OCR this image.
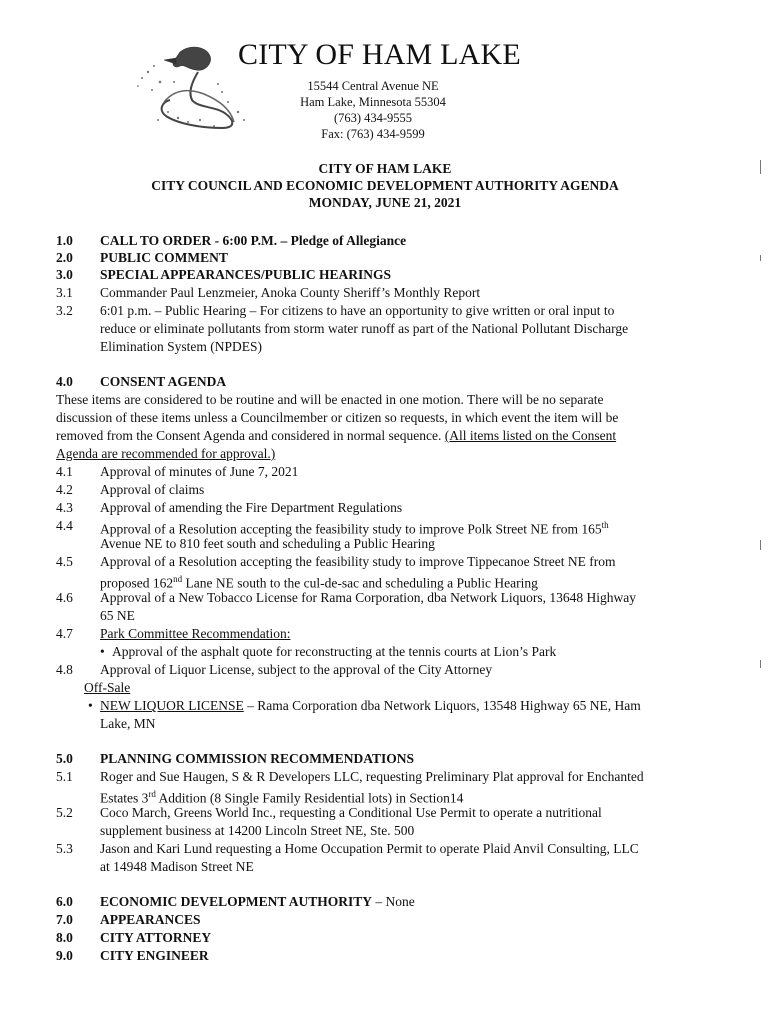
CITY OF HAM LAKE
15544 Central Avenue NE
Ham Lake, Minnesota 55304
(763) 434-9555
Fax: (763) 434-9599
CITY OF HAM LAKE
CITY COUNCIL AND ECONOMIC DEVELOPMENT AUTHORITY AGENDA
MONDAY, JUNE 21, 2021
1.0 CALL TO ORDER - 6:00 P.M. – Pledge of Allegiance
2.0 PUBLIC COMMENT
3.0 SPECIAL APPEARANCES/PUBLIC HEARINGS
3.1 Commander Paul Lenzmeier, Anoka County Sheriff’s Monthly Report
3.2 6:01 p.m. – Public Hearing – For citizens to have an opportunity to give written or oral input to
reduce or eliminate pollutants from storm water runoff as part of the National Pollutant Discharge
Elimination System (NPDES)
4.0 CONSENT AGENDA
These items are considered to be routine and will be enacted in one motion. There will be no separate
discussion of these items unless a Councilmember or citizen so requests, in which event the item will be
removed from the Consent Agenda and considered in normal sequence. (All items listed on the Consent
Agenda are recommended for approval.)
4.1 Approval of minutes of June 7, 2021
4.2 Approval of claims
4.3 Approval of amending the Fire Department Regulations
4.4 Approval of a Resolution accepting the feasibility study to improve Polk Street NE from 165th
Avenue NE to 810 feet south and scheduling a Public Hearing
4.5 Approval of a Resolution accepting the feasibility study to improve Tippecanoe Street NE from
proposed 162nd Lane NE south to the cul-de-sac and scheduling a Public Hearing
4.6 Approval of a New Tobacco License for Rama Corporation, dba Network Liquors, 13648 Highway
65 NE
4.7 Park Committee Recommendation:
• Approval of the asphalt quote for reconstructing at the tennis courts at Lion’s Park
4.8 Approval of Liquor License, subject to the approval of the City Attorney
Off-Sale
• NEW LIQUOR LICENSE – Rama Corporation dba Network Liquors, 13548 Highway 65 NE, Ham
Lake, MN
5.0 PLANNING COMMISSION RECOMMENDATIONS
5.1 Roger and Sue Haugen, S & R Developers LLC, requesting Preliminary Plat approval for Enchanted
Estates 3rd Addition (8 Single Family Residential lots) in Section14
5.2 Coco March, Greens World Inc., requesting a Conditional Use Permit to operate a nutritional
supplement business at 14200 Lincoln Street NE, Ste. 500
5.3 Jason and Kari Lund requesting a Home Occupation Permit to operate Plaid Anvil Consulting, LLC
at 14948 Madison Street NE
6.0 ECONOMIC DEVELOPMENT AUTHORITY – None
7.0 APPEARANCES
8.0 CITY ATTORNEY
9.0 CITY ENGINEER
